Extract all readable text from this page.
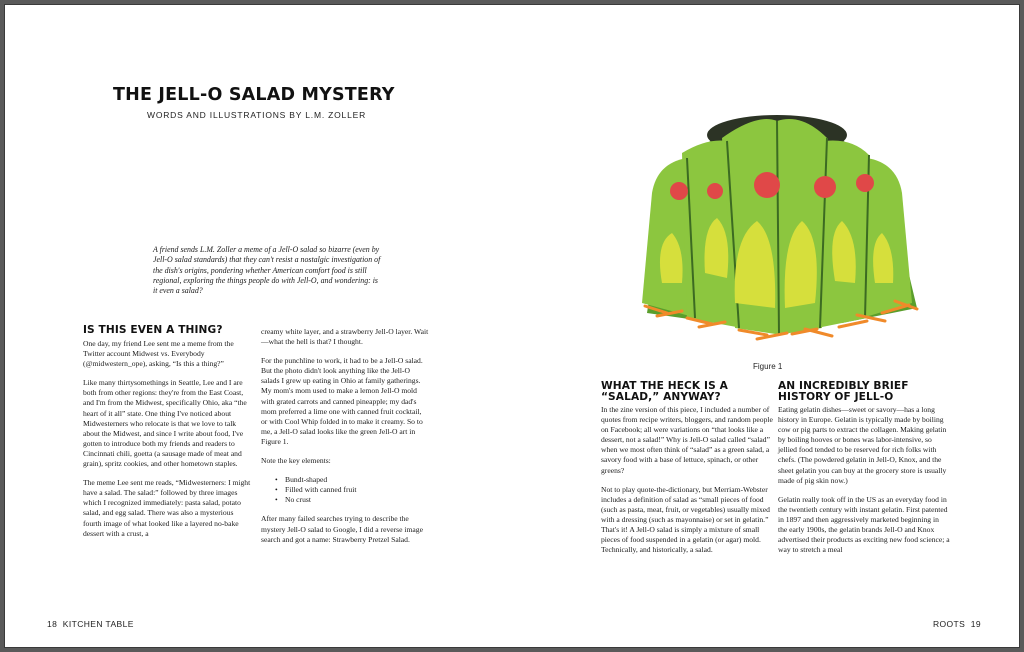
THE JELL-O SALAD MYSTERY
WORDS AND ILLUSTRATIONS BY L.M. ZOLLER
A friend sends L.M. Zoller a meme of a Jell-O salad so bizarre (even by Jell-O salad standards) that they can't resist a nostalgic investigation of the dish's origins, pondering whether American comfort food is still regional, exploring the things people do with Jell-O, and wondering: is it even a salad?
IS THIS EVEN A THING?

One day, my friend Lee sent me a meme from the Twitter account Midwest vs. Everybody (@midwestern_ope), asking, “Is this a thing?”

Like many thirtysomethings in Seattle, Lee and I are both from other regions: they're from the East Coast, and I'm from the Midwest, specifically Ohio, aka “the heart of it all” state. One thing I've noticed about Midwesterners who relocate is that we love to talk about the Midwest, and since I write about food, I've gotten to introduce both my friends and readers to Cincinnati chili, goetta (a sausage made of meat and grain), spritz cookies, and other hometown staples.

The meme Lee sent me reads, “Midwesterners: I might have a salad. The salad:” followed by three images which I recognized immediately: pasta salad, potato salad, and egg salad. There was also a mysterious fourth image of what looked like a layered no-bake dessert with a crust, a

creamy white layer, and a strawberry Jell-O layer. Wait—what the hell is that? I thought.

For the punchline to work, it had to be a Jell-O salad. But the photo didn't look anything like the Jell-O salads I grew up eating in Ohio at family gatherings. My mom's mom used to make a lemon Jell-O mold with grated carrots and canned pineapple; my dad's mom preferred a lime one with canned fruit cocktail, or with Cool Whip folded in to make it creamy. So to me, a Jell-O salad looks like the green Jell-O art in Figure 1.

Note the key elements:

• Bundt-shaped
• Filled with canned fruit
• No crust

After many failed searches trying to describe the mystery Jell-O salad to Google, I did a reverse image search and got a name: Strawberry Pretzel Salad.

Figure 1
WHAT THE HECK IS A
“SALAD,” ANYWAY?

In the zine version of this piece, I included a number of quotes from recipe writers, bloggers, and random people on Facebook; all were variations on “that looks like a dessert, not a salad!” Why is Jell-O salad called “salad” when we most often think of “salad” as a green salad, a savory food with a base of lettuce, spinach, or other greens?

Not to play quote-the-dictionary, but Merriam-Webster includes a definition of salad as “small pieces of food (such as pasta, meat, fruit, or vegetables) usually mixed with a dressing (such as mayonnaise) or set in gelatin.” That's it! A Jell-O salad is simply a mixture of small pieces of food suspended in a gelatin (or agar) mold. Technically, and historically, a salad.

AN INCREDIBLY BRIEF
HISTORY OF JELL-O

Eating gelatin dishes—sweet or savory—has a long history in Europe. Gelatin is typically made by boiling cow or pig parts to extract the collagen. Making gelatin by boiling hooves or bones was labor-intensive, so jellied food tended to be reserved for rich folks with chefs. (The powdered gelatin in Jell-O, Knox, and the sheet gelatin you can buy at the grocery store is usually made of pig skin now.)

Gelatin really took off in the US as an everyday food in the twentieth century with instant gelatin. First patented in 1897 and then aggressively marketed beginning in the early 1900s, the gelatin brands Jell-O and Knox advertised their products as exciting new food science; a way to stretch a meal

18 KITCHEN TABLE	ROOTS 19
